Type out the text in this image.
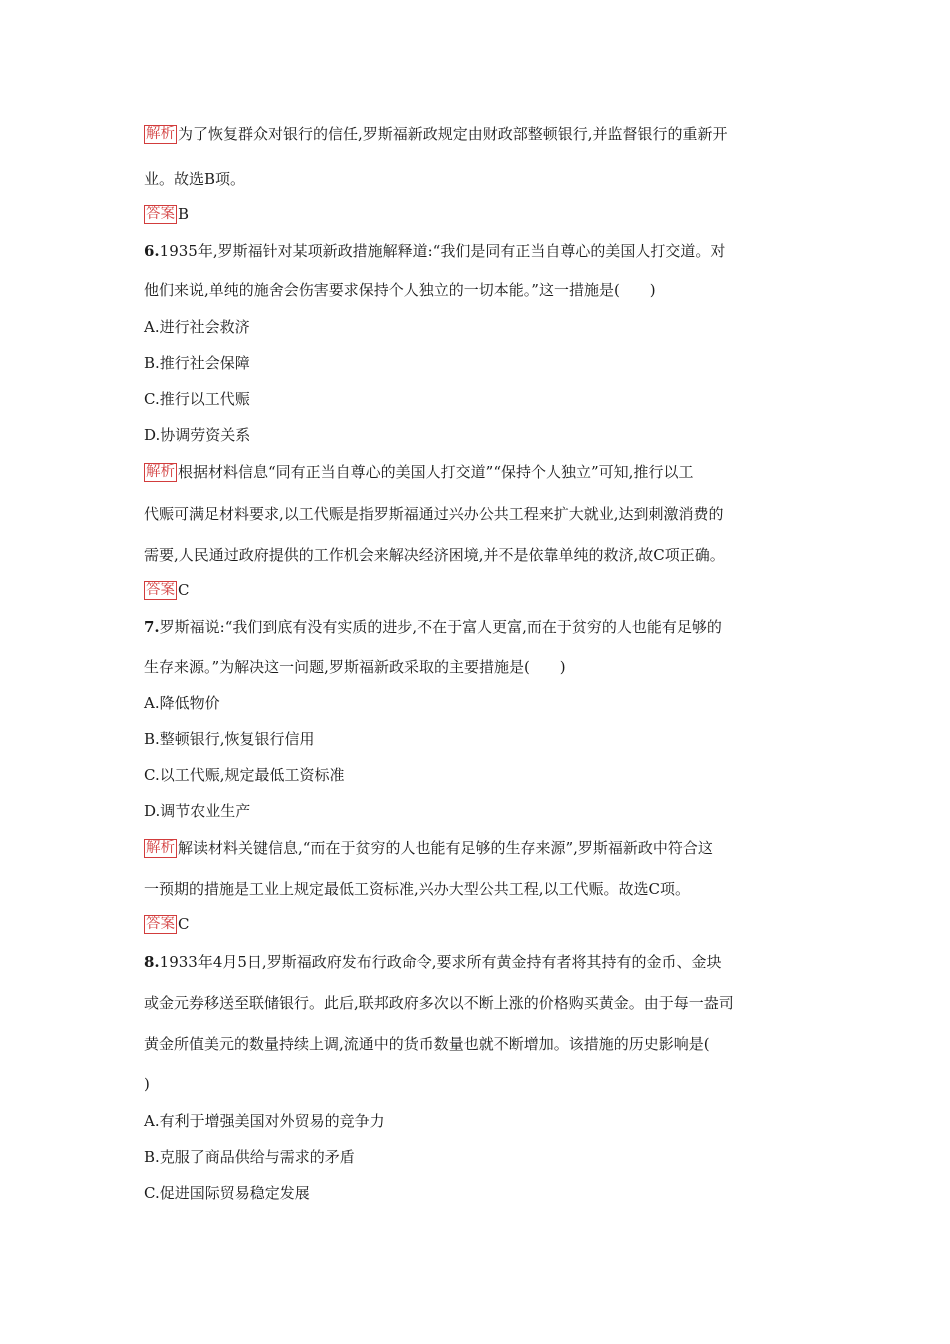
解析 为了恢复群众对银行的信任,罗斯福新政规定由财政部整顿银行,并监督银行的重新开
业。故选B项。
答案 B
6.1935年,罗斯福针对某项新政措施解释道:“我们是同有正当自尊心的美国人打交道。对
他们来说,单纯的施舍会伤害要求保持个人独立的一切本能。”这一措施是(　　)
A.进行社会救济
B.推行社会保障
C.推行以工代赈
D.协调劳资关系
解析 根据材料信息“同有正当自尊心的美国人打交道”“保持个人独立”可知,推行以工
代赈可满足材料要求,以工代赈是指罗斯福通过兴办公共工程来扩大就业,达到刺激消费的
需要,人民通过政府提供的工作机会来解决经济困境,并不是依靠单纯的救济,故C项正确。
答案 C
7.罗斯福说:“我们到底有没有实质的进步,不在于富人更富,而在于贫穷的人也能有足够的
生存来源。”为解决这一问题,罗斯福新政采取的主要措施是(　　)
A.降低物价
B.整顿银行,恢复银行信用
C.以工代赈,规定最低工资标准
D.调节农业生产
解析 解读材料关键信息,“而在于贫穷的人也能有足够的生存来源”,罗斯福新政中符合这
一预期的措施是工业上规定最低工资标准,兴办大型公共工程,以工代赈。故选C项。
答案 C
8.1933年4月5日,罗斯福政府发布行政命令,要求所有黄金持有者将其持有的金币、金块
或金元券移送至联储银行。此后,联邦政府多次以不断上涨的价格购买黄金。由于每一盎司
黄金所值美元的数量持续上调,流通中的货币数量也就不断增加。该措施的历史影响是(
)
A.有利于增强美国对外贸易的竞争力
B.克服了商品供给与需求的矛盾
C.促进国际贸易稳定发展
